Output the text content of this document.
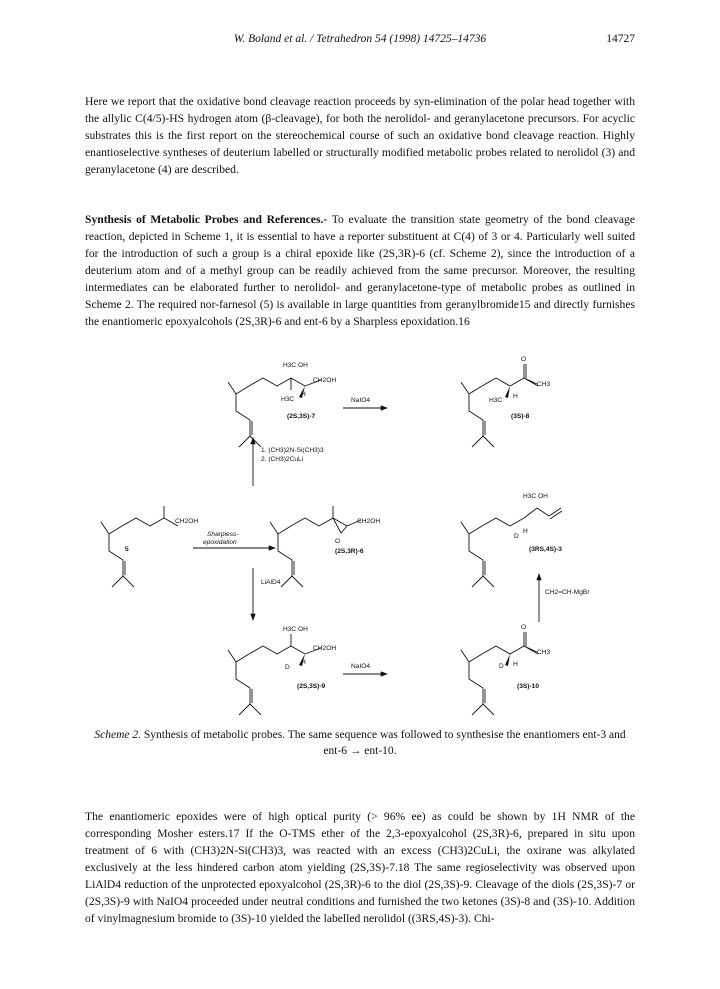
W. Boland et al. / Tetrahedron 54 (1998) 14725–14736	14727

Here we report that the oxidative bond cleavage reaction proceeds by syn-elimination of the polar head together with the allylic C(4/5)-HS hydrogen atom (β-cleavage), for both the nerolidol- and geranylacetone precursors. For acyclic substrates this is the first report on the stereochemical course of such an oxidative bond cleavage reaction. Highly enantioselective syntheses of deuterium labelled or structurally modified metabolic probes related to nerolidol (3) and geranylacetone (4) are described.

Synthesis of Metabolic Probes and References.- To evaluate the transition state geometry of the bond cleavage reaction, depicted in Scheme 1, it is essential to have a reporter substituent at C(4) of 3 or 4. Particularly well suited for the introduction of such a group is a chiral epoxide like (2S,3R)-6 (cf. Scheme 2), since the introduction of a deuterium atom and of a methyl group can be readily achieved from the same precursor. Moreover, the resulting intermediates can be elaborated further to nerolidol- and geranylacetone-type of metabolic probes as outlined in Scheme 2. The required nor-farnesol (5) is available in large quantities from geranylbromide15 and directly furnishes the enantiomeric epoxyalcohols (2S,3R)-6 and ent-6 by a Sharpless epoxidation.16

H3C OH
CH2OH
H3C
H
(2S,3S)-7
NaIO4
O
CH3
H3C
H
(3S)-8
1. (CH3)2N-Si(CH3)3
2. (CH3)2CuLi
CH2OH
5
Sharpless-
epoxidation	O
CH2OH
(2S,3R)-6
H3C OH
D
H
(3RS,4S)-3
LiAlD4
CH2=CH-MgBr
H3C OH
CH2OH
D
H
(2S,3S)-9
NaIO4
O
CH3
D H
(3S)-10
Scheme 2. Synthesis of metabolic probes. The same sequence was followed to synthesise the enantiomers ent-3 and ent-6 → ent-10.

The enantiomeric epoxides were of high optical purity (> 96% ee) as could be shown by 1H NMR of the corresponding Mosher esters.17 If the O-TMS ether of the 2,3-epoxyalcohol (2S,3R)-6, prepared in situ upon treatment of 6 with (CH3)2N-Si(CH3)3, was reacted with an excess (CH3)2CuLi, the oxirane was alkylated exclusively at the less hindered carbon atom yielding (2S,3S)-7.18 The same regioselectivity was observed upon LiAlD4 reduction of the unprotected epoxyalcohol (2S,3R)-6 to the diol (2S,3S)-9. Cleavage of the diols (2S,3S)-7 or (2S,3S)-9 with NaIO4 proceeded under neutral conditions and furnished the two ketones (3S)-8 and (3S)-10. Addition of vinylmagnesium bromide to (3S)-10 yielded the labelled nerolidol ((3RS,4S)-3). Chi-
